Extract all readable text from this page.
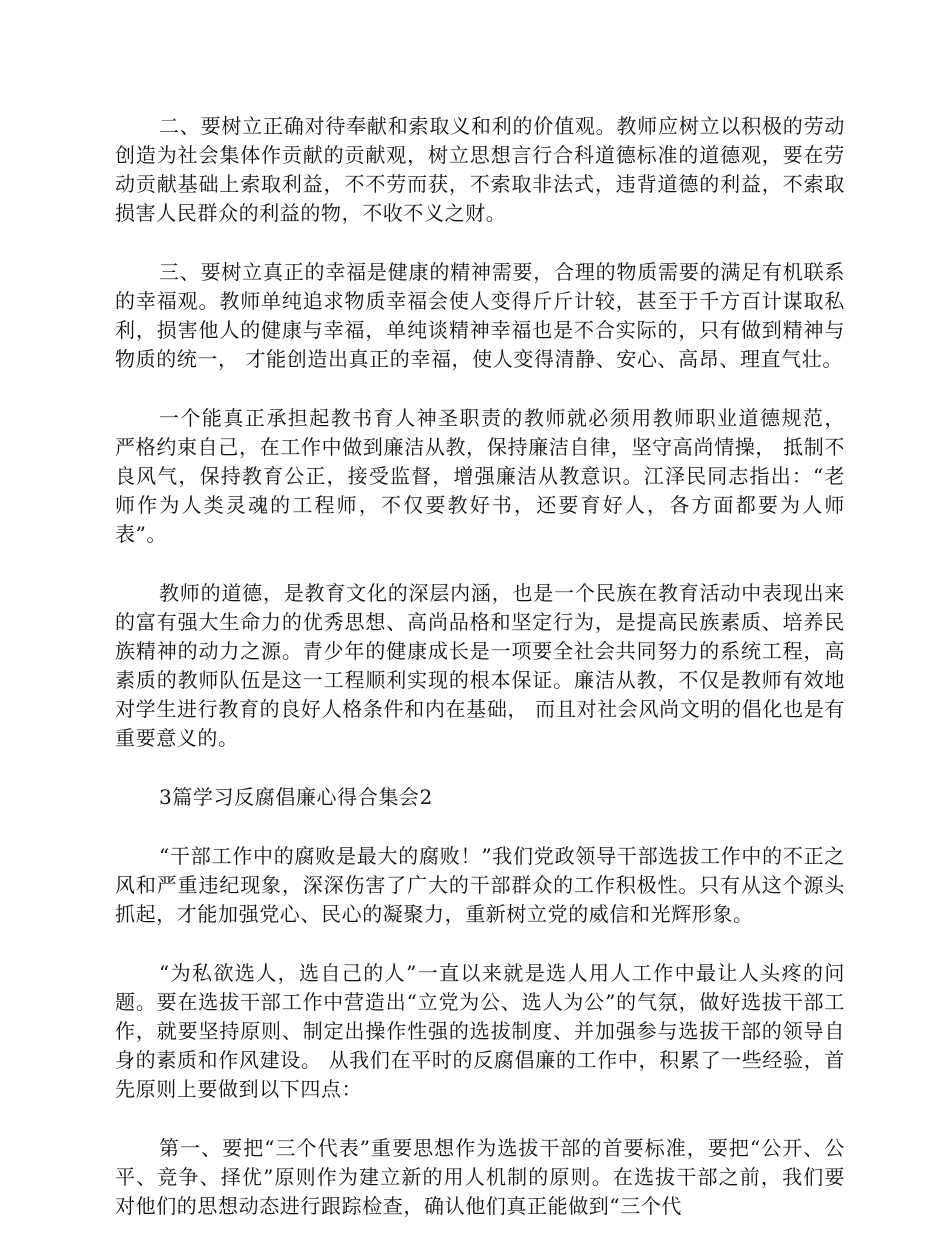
二、要树立正确对待奉献和索取义和利的价值观。教师应树立以积极的劳动创造为社会集体作贡献的贡献观，树立思想言行合科道德标准的道德观，要在劳动贡献基础上索取利益，不不劳而获，不索取非法式，违背道德的利益，不索取损害人民群众的利益的物，不收不义之财。

三、要树立真正的幸福是健康的精神需要，合理的物质需要的满足有机联系的幸福观。教师单纯追求物质幸福会使人变得斤斤计较，甚至于千方百计谋取私 利，损害他人的健康与幸福，单纯谈精神幸福也是不合实际的，只有做到精神与 物质的统一， 才能创造出真正的幸福，使人变得清静、安心、高昂、理直气壮。

一个能真正承担起教书育人神圣职责的教师就必须用教师职业道德规范， 严格约束自己，在工作中做到廉洁从教，保持廉洁自律，坚守高尚情操， 抵制不良风气，保持教育公正，接受监督，增强廉洁从教意识。江泽民同志指出：“老师作为人类灵魂的工程师，不仅要教好书，还要育好人，各方面都要为人师表”。

教师的道德，是教育文化的深层内涵，也是一个民族在教育活动中表现出来的富有强大生命力的优秀思想、高尚品格和坚定行为，是提高民族素质、培养民族精神的动力之源。青少年的健康成长是一项要全社会共同努力的系统工程，高 素质的教师队伍是这一工程顺利实现的根本保证。廉洁从教，不仅是教师有效地对学生进行教育的良好人格条件和内在基础， 而且对社会风尚文明的倡化也是有重要意义的。

3篇学习反腐倡廉心得合集会2

“干部工作中的腐败是最大的腐败！”我们党政领导干部选拔工作中的不正之风和严重违纪现象，深深伤害了广大的干部群众的工作积极性。只有从这个源头抓起，才能加强党心、民心的凝聚力，重新树立党的威信和光辉形象。

“为私欲选人，选自己的人”一直以来就是选人用人工作中最让人头疼的问题。要在选拔干部工作中营造出“立党为公、选人为公”的气氛，做好选拔干部工作，就要坚持原则、制定出操作性强的选拔制度、并加强参与选拔干部的领导自身的素质和作风建设。 从我们在平时的反腐倡廉的工作中，积累了一些经验，首先原则上要做到以下四点：

第一、要把“三个代表”重要思想作为选拔干部的首要标准，要把“公开、公平、竞争、择优”原则作为建立新的用人机制的原则。在选拔干部之前，我们要对他们的思想动态进行跟踪检查，确认他们真正能做到“三个代
